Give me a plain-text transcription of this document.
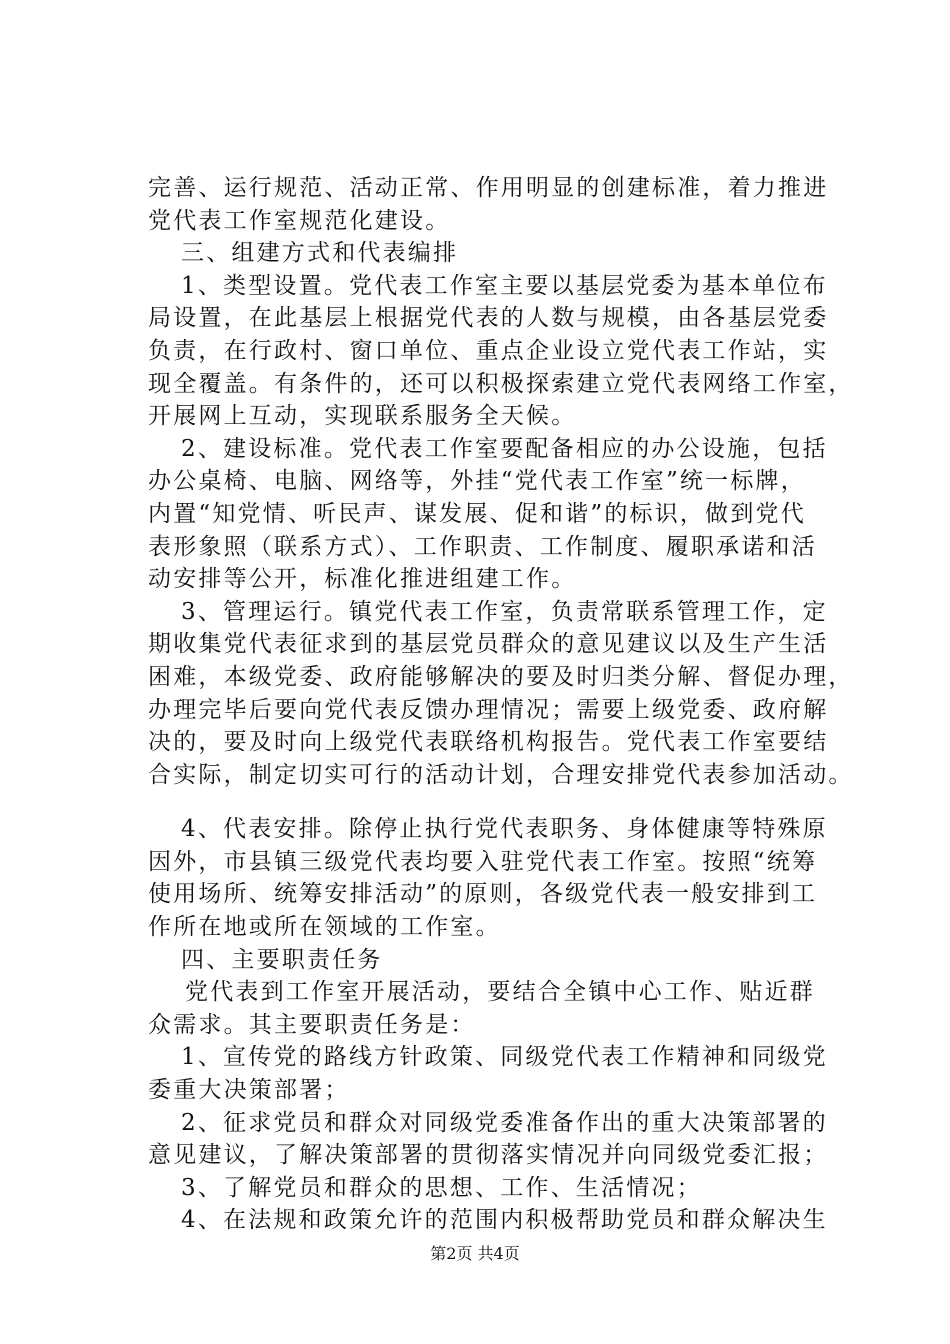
完善、运行规范、活动正常、作用明显的创建标准，着力推进
党代表工作室规范化建设。
三、组建方式和代表编排
1、类型设置。党代表工作室主要以基层党委为基本单位布
局设置，在此基层上根据党代表的人数与规模，由各基层党委
负责，在行政村、窗口单位、重点企业设立党代表工作站，实
现全覆盖。有条件的，还可以积极探索建立党代表网络工作室，
开展网上互动，实现联系服务全天候。
2、建设标准。党代表工作室要配备相应的办公设施，包括
办公桌椅、电脑、网络等，外挂“党代表工作室”统一标牌，
内置“知党情、听民声、谋发展、促和谐”的标识，做到党代
表形象照（联系方式）、工作职责、工作制度、履职承诺和活
动安排等公开，标准化推进组建工作。
3、管理运行。镇党代表工作室，负责常联系管理工作，定
期收集党代表征求到的基层党员群众的意见建议以及生产生活
困难，本级党委、政府能够解决的要及时归类分解、督促办理，
办理完毕后要向党代表反馈办理情况；需要上级党委、政府解
决的，要及时向上级党代表联络机构报告。党代表工作室要结
合实际，制定切实可行的活动计划，合理安排党代表参加活动。
4、代表安排。除停止执行党代表职务、身体健康等特殊原
因外，市县镇三级党代表均要入驻党代表工作室。按照“统筹
使用场所、统筹安排活动”的原则，各级党代表一般安排到工
作所在地或所在领域的工作室。
四、主要职责任务
党代表到工作室开展活动，要结合全镇中心工作、贴近群
众需求。其主要职责任务是：
1、宣传党的路线方针政策、同级党代表工作精神和同级党
委重大决策部署；
2、征求党员和群众对同级党委准备作出的重大决策部署的
意见建议，了解决策部署的贯彻落实情况并向同级党委汇报；
3、了解党员和群众的思想、工作、生活情况；
4、在法规和政策允许的范围内积极帮助党员和群众解决生
第2页 共4页
